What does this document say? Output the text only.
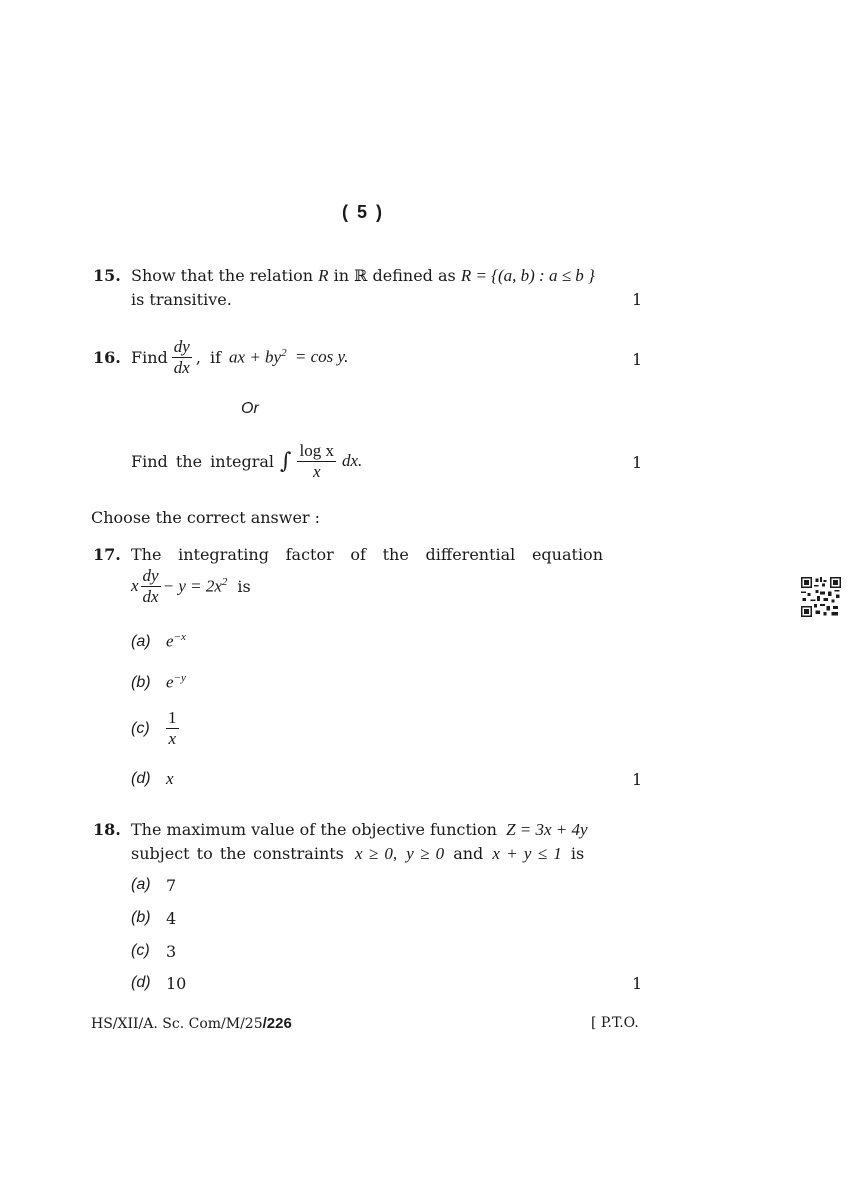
( 5 )
15. Show that the relation R in ℝ defined as R = {(a, b) : a ≤ b }
is transitive.	1
16. Find $\frac{dy}{dx}$ , if ax + $by^2 = \cos y$.	1
Or
Find the integral ∫ $\frac{\text{log x}}{x}$ dx.	1
Choose the correct answer :
17. The integrating factor of the differential equation
x $\frac{dy}{dx} - y = 2x^2$ is
(a) $e^{-x}$
(b) $e^{-y}$
$(c) \frac{1}{x}$
(d) x	1
18. The maximum value of the objective function Z = 3x + 4y
subject to the constraints x ≥ 0, y ≥ 0 and x + y ≤ 1 is
(a) 7
(b) 4
(c) 3
(d) 10	1
HS/XII/A. Sc. Com/M/25/226	[ P.T.O.
